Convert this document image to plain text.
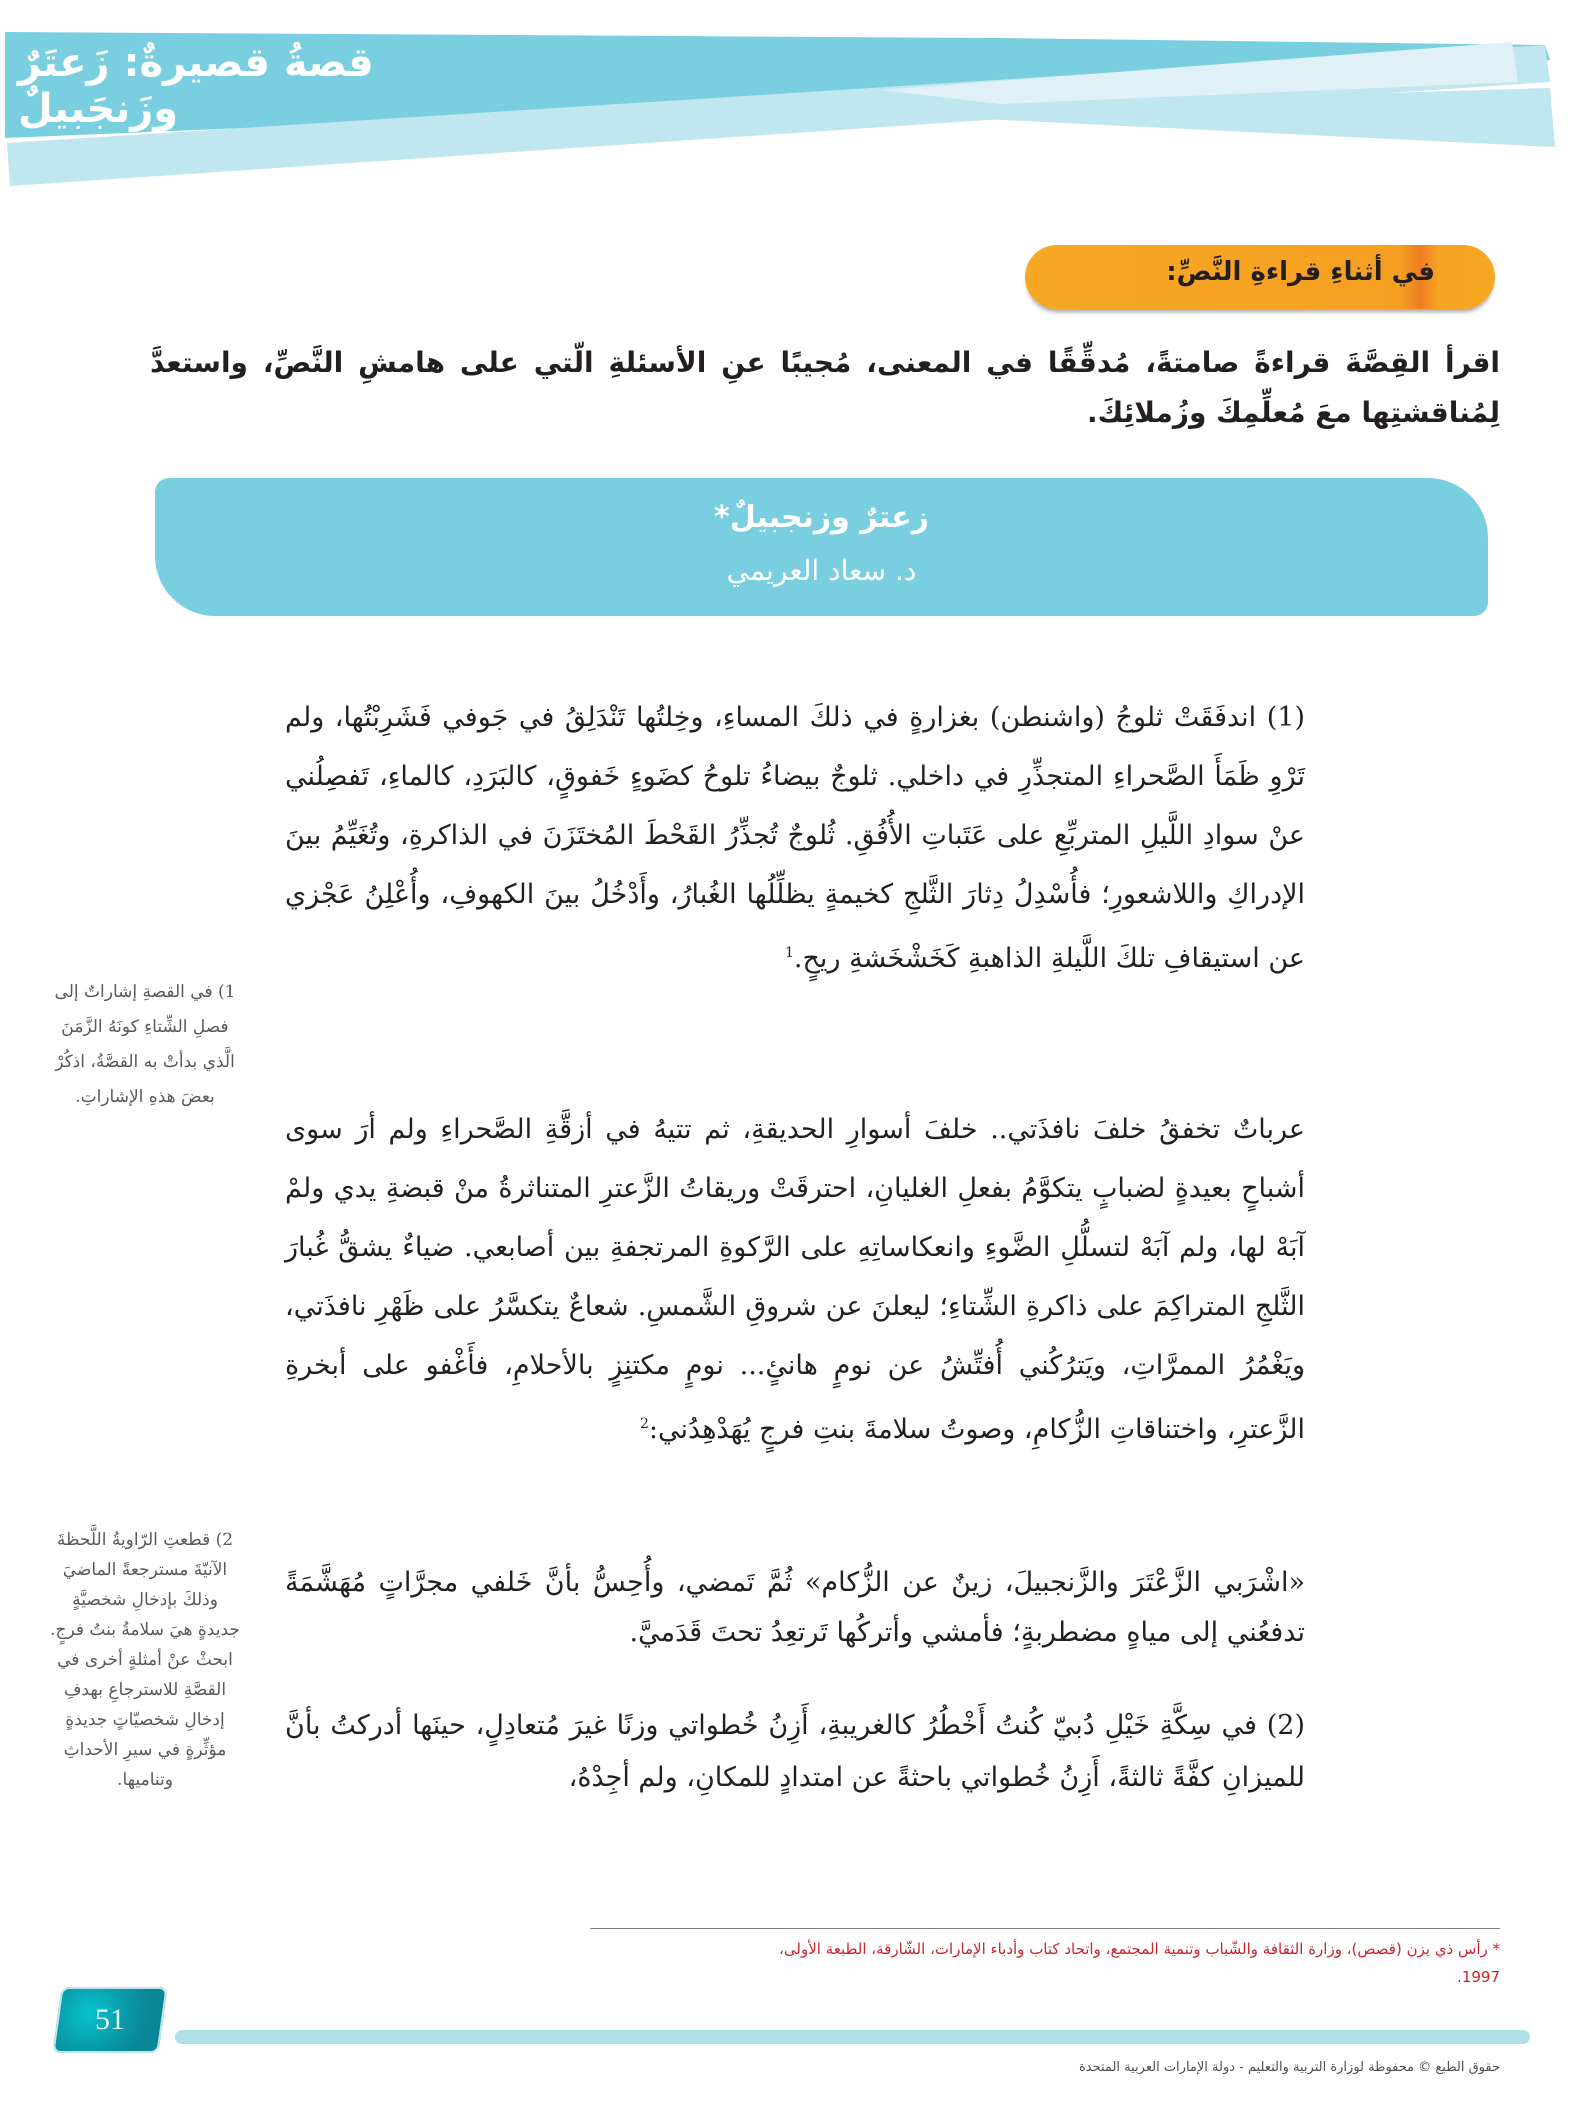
قصةُ قصيرةٌ: زَعتَرٌ وزَنجَبيلٌ
في أثناءِ قراءةِ النَّصِّ:
اقرأ القِصَّةَ قراءةً صامتةً، مُدقِّقًا في المعنى، مُجيبًا عنِ الأسئلةِ الّتي على هامشِ النَّصِّ، واستعدَّ لِمُناقشتِها معَ مُعلِّمِكَ وزُملائِكَ.
زعترٌ وزنجبيلٌ*
د. سعاد العريمي

(1) اندفَقَتْ ثلوجُ (واشنطن) بغزارةٍ في ذلكَ المساءِ، وخِلتُها تَنْدَلِقُ في جَوفي فَشَرِبْتُها، ولم تَرْوِ ظَمَأَ الصَّحراءِ المتجذِّرِ في داخلي. ثلوجٌ بيضاءُ تلوحُ كضَوءٍ خَفوقٍ، كالبَرَدِ، كالماءِ، تَفصِلُني عنْ سوادِ اللَّيلِ المتربِّعِ على عَتَباتِ الأُفُقِ. ثُلوجٌ تُجذِّرُ القَحْطَ المُختَزَنَ في الذاكرةِ، وتُغَيِّمُ بينَ الإدراكِ واللاشعورِ؛ فأُسْدِلُ دِثارَ الثَّلجِ كخيمةٍ يظلِّلُها الغُبارُ، وأَدْخُلُ بينَ الكهوفِ، وأُعْلِنُ عَجْزي عن استيقافِ تلكَ اللَّيلةِ الذاهبةِ كَخَشْخَشةِ ريحٍ.$^1$

عرباتٌ تخفقُ خلفَ نافذَتي.. خلفَ أسوارِ الحديقةِ، ثم تتيهُ في أزقَّةِ الصَّحراءِ ولم أرَ سوى أشباحٍ بعيدةٍ لضبابٍ يتكوَّمُ بفعلِ الغليانِ، احترقَتْ وريقاتُ الزَّعترِ المتناثرةُ منْ قبضةِ يدي ولمْ آبَهْ لها، ولم آبَهْ لتسلُّلِ الضَّوءِ وانعكاساتِهِ على الرَّكوةِ المرتجفةِ بين أصابعي. ضياءٌ يشقُّ غُبارَ الثَّلجِ المتراكِمَ على ذاكرةِ الشِّتاءِ؛ ليعلنَ عن شروقِ الشَّمسِ. شعاعٌ يتكسَّرُ على ظَهْرِ نافذَتي، ويَغْمُرُ الممرَّاتِ، ويَترُكُني أُفتِّشُ عن نومٍ هانئٍ... نومٍ مكتنِزٍ بالأحلامِ، فأَغْفو على أبخرةِ الزَّعترِ، واختناقاتِ الزُّكامِ، وصوتُ سلامةَ بنتِ فرجٍ يُهَدْهِدُني:$^2$

«اشْرَبي الزَّعْتَرَ والزَّنجبيلَ، زينٌ عن الزُّكام» ثُمَّ تَمضي، وأُحِسُّ بأنَّ خَلفي مجرَّاتٍ مُهَشَّمَةً تدفعُني إلى مياهٍ مضطربةٍ؛ فأمشي وأتركُها تَرتعِدُ تحتَ قَدَميَّ.

(2) في سِكَّةِ خَيْلِ دُبيّ كُنتُ أَخْطُرُ كالغريبةِ، أَزِنُ خُطواتي وزنًا غيرَ مُتعادِلٍ، حينَها أدركتُ بأنَّ للميزانِ كفَّةً ثالثةً، أَزِنُ خُطواتي باحثةً عن امتدادٍ للمكانِ، ولم أجِدْهُ،

1) في القصةِ إشاراتٌ إلى فصلِ الشِّتاءِ كونَهُ الزَّمَنَ الَّذي بدأتْ به القصَّةُ، اذكُرْ بعضَ هذهِ الإشاراتِ.
2) قطعتِ الرّاويةُ اللَّحظةَ الآنيّةَ مسترجعةً الماضيَ وذلكَ بإدخالِ شخصيَّةٍ جديدةٍ هيَ سلامةُ بنتُ فرجٍ. ابحثْ عنْ أمثلةٍ أخرى في القصَّةِ للاسترجاعِ بهدفِ إدخالِ شخصيّاتٍ جديدةٍ مؤثِّرةٍ في سيرِ الأحداثِ وتناميها.
* رأس ذي يزن (قصص)، وزارة الثقافة والشّباب وتنمية المجتمع، واتحاد كتاب وأدباء الإمارات، الشّارقة، الطبعة الأولى،
1997.
51
حقوق الطبع © محفوظة لوزارة التربية والتعليم - دولة الإمارات العربية المتحدة
